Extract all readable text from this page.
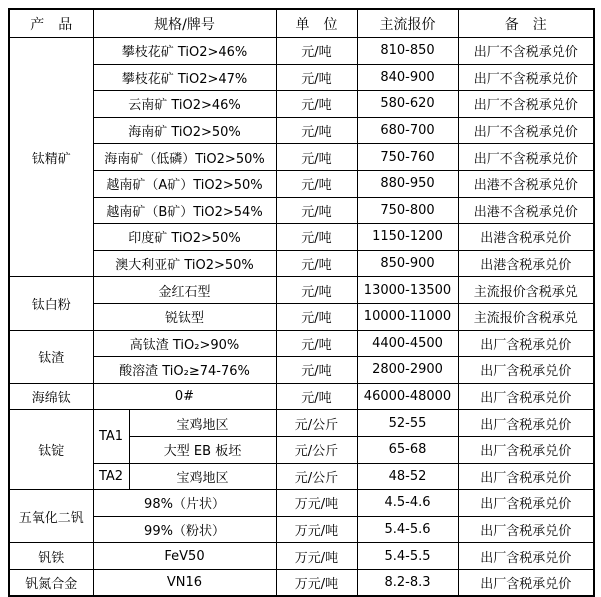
产　品	规格/牌号		单　位	主流报价	备　注
钛精矿	攀枝花矿 TiO2>46%		元/吨	810-850	出厂不含税承兑价
	攀枝花矿 TiO2>47%		元/吨	840-900	出厂不含税承兑价
	云南矿 TiO2>46%		元/吨	580-620	出厂不含税承兑价
	海南矿 TiO2>50%		元/吨	680-700	出厂不含税承兑价
	海南矿（低磷）TiO2>50%		元/吨	750-760	出厂不含税承兑价
	越南矿（A矿）TiO2>50%		元/吨	880-950	出港不含税承兑价
	越南矿（B矿）TiO2>54%		元/吨	750-800	出港不含税承兑价
	印度矿 TiO2>50%		元/吨	1150-1200	出港含税承兑价
	澳大利亚矿 TiO2>50%		元/吨	850-900	出港含税承兑价
钛白粉	金红石型		元/吨	13000-13500	主流报价含税承兑
	锐钛型		元/吨	10000-11000	主流报价含税承兑
钛渣	高钛渣 TiO₂>90%		元/吨	4400-4500	出厂含税承兑价
	酸溶渣 TiO₂≥74-76%		元/吨	2800-2900	出厂含税承兑价
海绵钛	0#		元/吨	46000-48000	出厂含税承兑价
钛锭	TA1	宝鸡地区	元/公斤	52-55	出厂含税承兑价
		大型 EB 板坯	元/公斤	65-68	出厂含税承兑价
	TA2	宝鸡地区	元/公斤	48-52	出厂含税承兑价
五氧化二钒	98%（片状）		万元/吨	4.5-4.6	出厂含税承兑价
	99%（粉状）		万元/吨	5.4-5.6	出厂含税承兑价
钒铁	FeV50		万元/吨	5.4-5.5	出厂含税承兑价
钒氮合金	VN16		万元/吨	8.2-8.3	出厂含税承兑价
